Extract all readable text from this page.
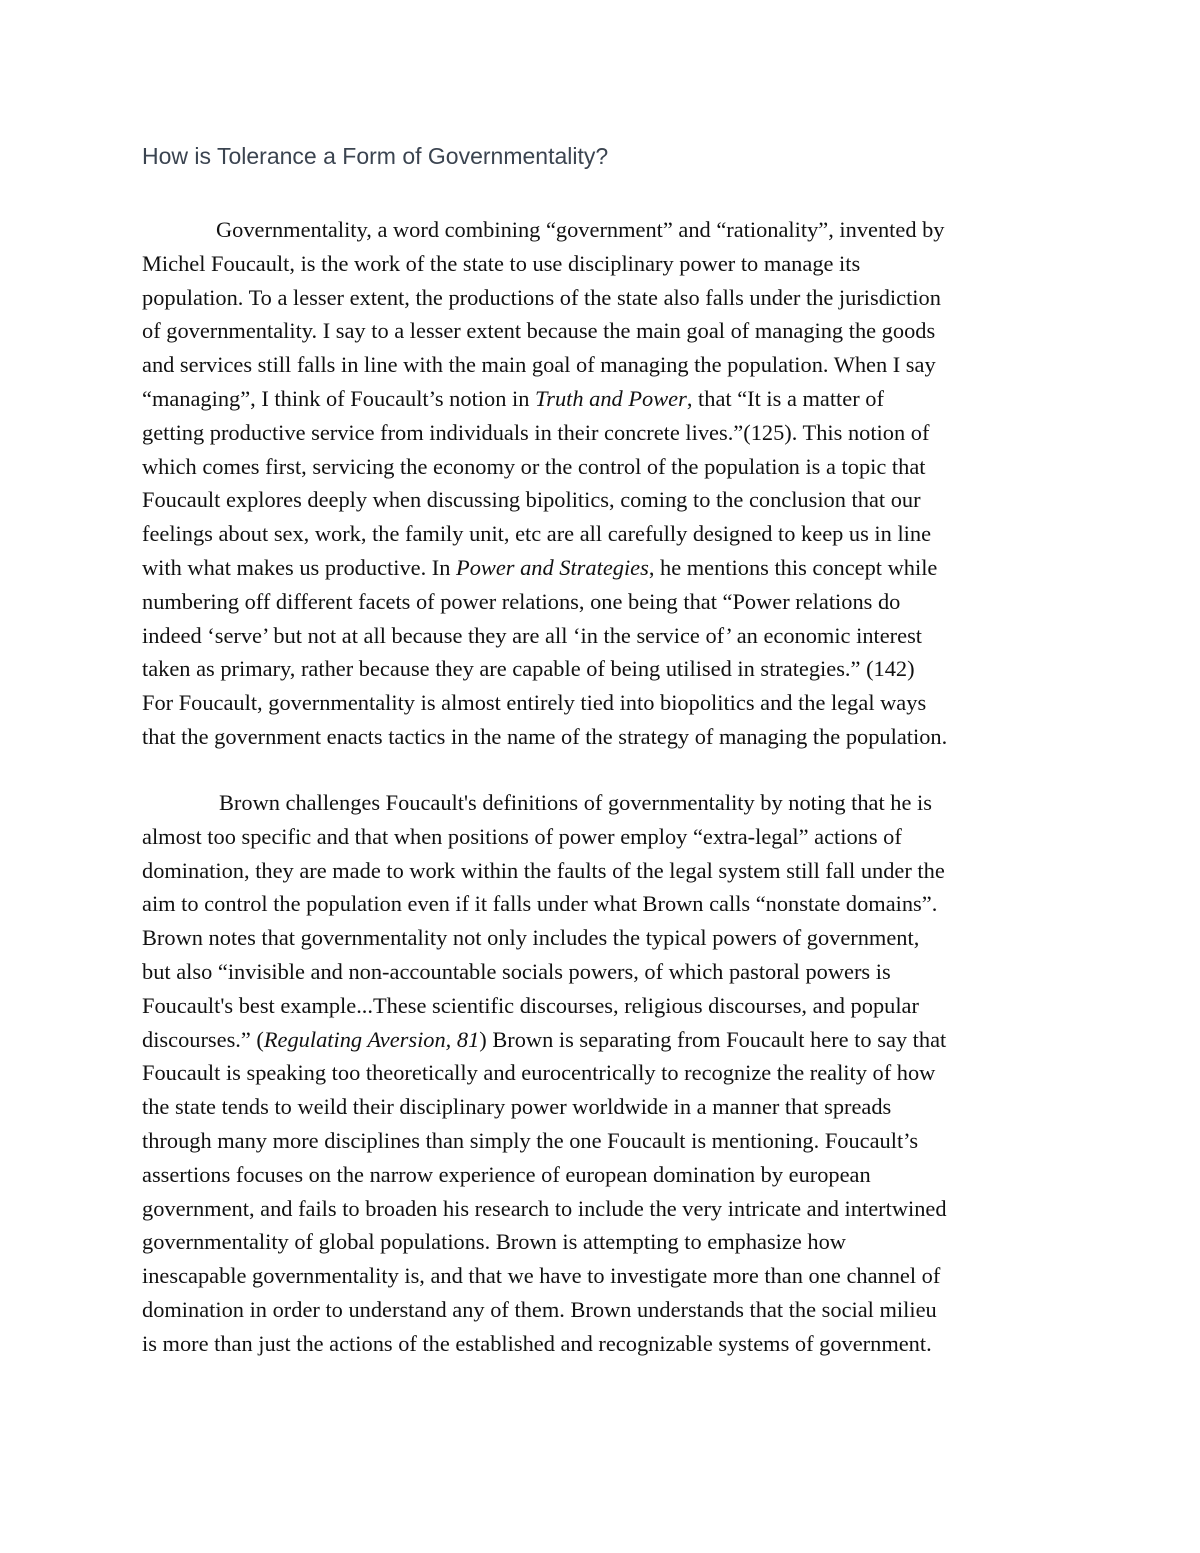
How is Tolerance a Form of Governmentality?

Governmentality, a word combining “government” and “rationality”, invented by
Michel Foucault, is the work of the state to use disciplinary power to manage its
population. To a lesser extent, the productions of the state also falls under the jurisdiction
of governmentality. I say to a lesser extent because the main goal of managing the goods
and services still falls in line with the main goal of managing the population. When I say
“managing”, I think of Foucault’s notion in Truth and Power, that “It is a matter of
getting productive service from individuals in their concrete lives.”(125). This notion of
which comes first, servicing the economy or the control of the population is a topic that
Foucault explores deeply when discussing bipolitics, coming to the conclusion that our
feelings about sex, work, the family unit, etc are all carefully designed to keep us in line
with what makes us productive. In Power and Strategies, he mentions this concept while
numbering off different facets of power relations, one being that “Power relations do
indeed ‘serve’ but not at all because they are all ‘in the service of’ an economic interest
taken as primary, rather because they are capable of being utilised in strategies.” (142)
For Foucault, governmentality is almost entirely tied into biopolitics and the legal ways
that the government enacts tactics in the name of the strategy of managing the population.

Brown challenges Foucault's definitions of governmentality by noting that he is
almost too specific and that when positions of power employ “extra-legal” actions of
domination, they are made to work within the faults of the legal system still fall under the
aim to control the population even if it falls under what Brown calls “nonstate domains”.
Brown notes that governmentality not only includes the typical powers of government,
but also “invisible and non-accountable socials powers, of which pastoral powers is
Foucault's best example...These scientific discourses, religious discourses, and popular
discourses.” (Regulating Aversion, 81) Brown is separating from Foucault here to say that
Foucault is speaking too theoretically and eurocentrically to recognize the reality of how
the state tends to weild their disciplinary power worldwide in a manner that spreads
through many more disciplines than simply the one Foucault is mentioning. Foucault’s
assertions focuses on the narrow experience of european domination by european
government, and fails to broaden his research to include the very intricate and intertwined
governmentality of global populations. Brown is attempting to emphasize how
inescapable governmentality is, and that we have to investigate more than one channel of
domination in order to understand any of them. Brown understands that the social milieu
is more than just the actions of the established and recognizable systems of government.
